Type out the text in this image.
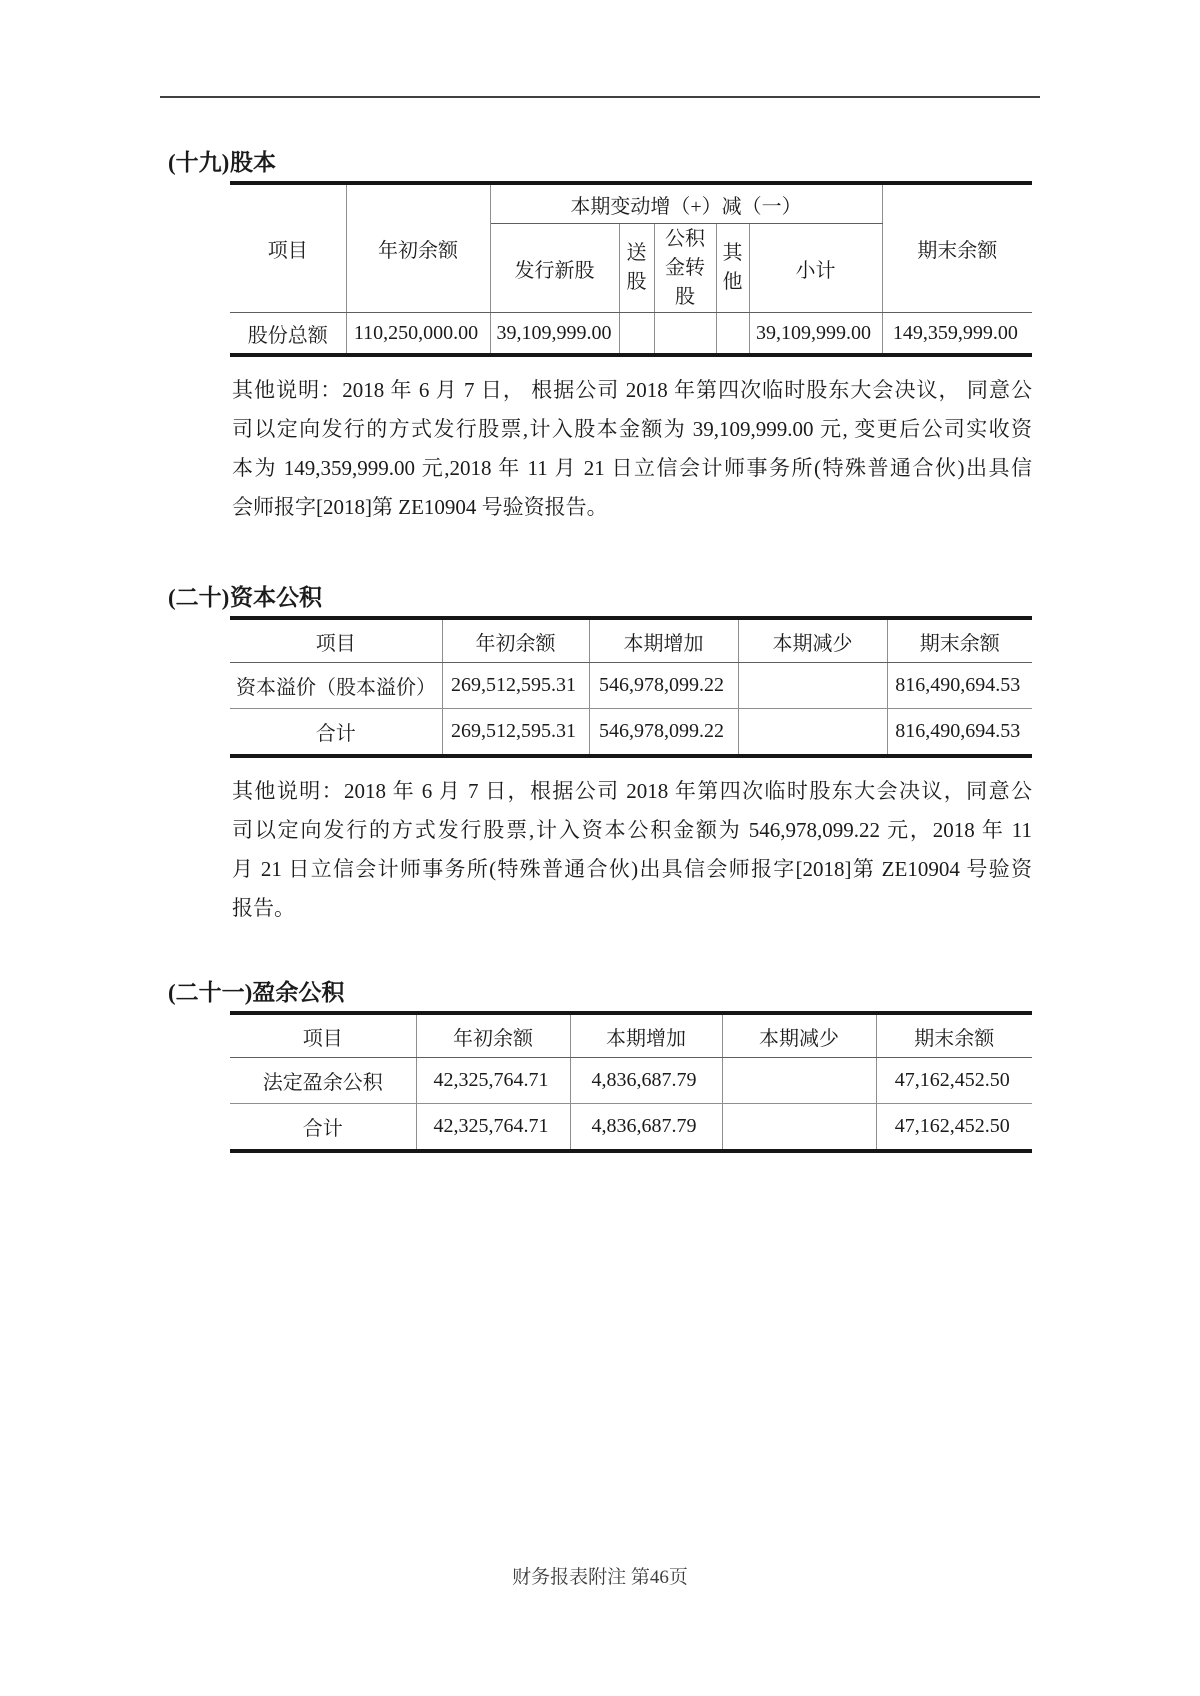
(十九) 股本
项目	年初余额	本期变动增（+）减（一）					期末余额
		发行新股	送股	公积金转股	其他	小计	
股份总额	110,250,000.00	39,109,999.00				39,109,999.00	149,359,999.00
其他说明：2018 年 6 月 7 日， 根据公司 2018 年第四次临时股东大会决议， 同意公
司以定向发行的方式发行股票,计入股本金额为 39,109,999.00 元, 变更后公司实收资
本为 149,359,999.00 元,2018 年 11 月 21 日立信会计师事务所(特殊普通合伙)出具信
会师报字[2018]第 ZE10904 号验资报告。
(二十) 资本公积
项目	年初余额	本期增加	本期减少	期末余额
资本溢价（股本溢价）	269,512,595.31	546,978,099.22		816,490,694.53
合计	269,512,595.31	546,978,099.22		816,490,694.53
其他说明：2018 年 6 月 7 日，根据公司 2018 年第四次临时股东大会决议，同意公
司以定向发行的方式发行股票,计入资本公积金额为 546,978,099.22 元，2018 年 11
月 21 日立信会计师事务所(特殊普通合伙)出具信会师报字[2018]第 ZE10904 号验资
报告。
(二十一) 盈余公积
项目	年初余额	本期增加	本期减少	期末余额
法定盈余公积	42,325,764.71	4,836,687.79		47,162,452.50
合计	42,325,764.71	4,836,687.79		47,162,452.50
财务报表附注 第46页
